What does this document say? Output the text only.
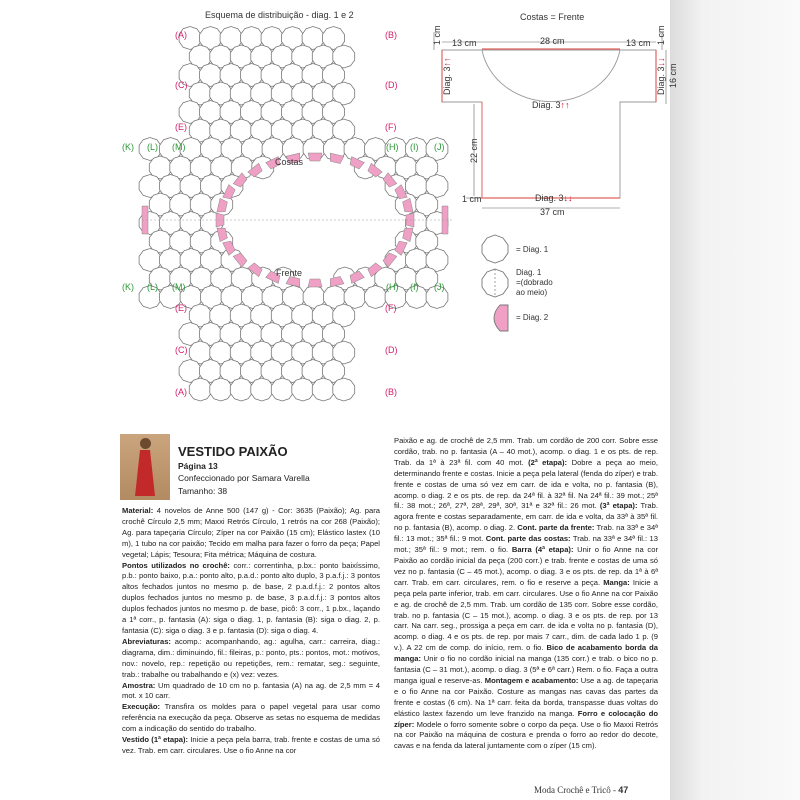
Esquema de distribuição - diag. 1 e 2
Costas
Frente
(A)	(B)
(C)	(D)
(E)	(F)
(K) (L) (M)	(H) (I) (J)
(K) (L) (M)	(H) (I) (J)
(E)	(F)
(C)	(D)
(A)	(B)
Costas = Frente
13 cm	28 cm	13 cm
1 cm	1 cm
16 cm
22 cm
37 cm
1 cm
Diag. 3↑↑
Diag. 3↓↓
Diag. 3↑↑
Diag. 3↓↓
= Diag. 1
Diag. 1
=(dobrado
ao meio)
= Diag. 2
VESTIDO PAIXÃO
Página 13
Confeccionado por Samara Varella
Tamanho: 38

Material: 4 novelos de Anne 500 (147 g) - Cor: 3635 (Paixão); Ag. para crochê Círculo 2,5 mm; Maxxi Retrós Círculo, 1 retrós na cor 268 (Paixão); Ag. para tapeçaria Círculo; Zíper na cor Paixão (15 cm); Elástico lastex (10 m), 1 tubo na cor paixão; Tecido em malha para fazer o forro da peça; Papel vegetal; Lápis; Tesoura; Fita métrica; Máquina de costura.

Pontos utilizados no crochê: corr.: correntinha, p.bx.: ponto baixíssimo, p.b.: ponto baixo, p.a.: ponto alto, p.a.d.: ponto alto duplo, 3 p.a.f.j.: 3 pontos altos fechados juntos no mesmo p. de base, 2 p.a.d.f.j.: 2 pontos altos duplos fechados juntos no mesmo p. de base, 3 p.a.d.f.j.: 3 pontos altos duplos fechados juntos no mesmo p. de base, picô: 3 corr., 1 p.bx., laçando a 1ª corr., p. fantasia (A): siga o diag. 1, p. fantasia (B): siga o diag. 2, p. fantasia (C): siga o diag. 3 e p. fantasia (D): siga o diag. 4.

Abreviaturas: acomp.: acompanhando, ag.: agulha, carr.: carreira, diag.: diagrama, dim.: diminuindo, fil.: fileiras, p.: ponto, pts.: pontos, mot.: motivos, nov.: novelo, rep.: repetição ou repetições, rem.: rematar, seg.: seguinte, trab.: trabalhe ou trabalhando e (x) vez: vezes.

Amostra: Um quadrado de 10 cm no p. fantasia (A) na ag. de 2,5 mm = 4 mot. x 10 carr.

Execução: Transfira os moldes para o papel vegetal para usar como referência na execução da peça. Observe as setas no esquema de medidas com a indicação do sentido do trabalho.

Vestido (1ª etapa): Inicie a peça pela barra, trab. frente e costas de uma só vez. Trab. em carr. circulares. Use o fio Anne na cor

Paixão e ag. de crochê de 2,5 mm. Trab. um cordão de 200 corr. Sobre esse cordão, trab. no p. fantasia (A – 40 mot.), acomp. o diag. 1 e os pts. de rep. Trab. da 1ª à 23ª fil. com 40 mot. (2ª etapa): Dobre a peça ao meio, determinando frente e costas. Inicie a peça pela lateral (fenda do zíper) e trab. frente e costas de uma só vez em carr. de ida e volta, no p. fantasia (B), acomp. o diag. 2 e os pts. de rep. da 24ª fil. à 32ª fil. Na 24ª fil.: 39 mot.; 25ª fil.: 38 mot.; 26ª, 27ª, 28ª, 29ª, 30ª, 31ª e 32ª fil.: 26 mot. (3ª etapa): Trab. agora frente e costas separadamente, em carr. de ida e volta, da 33ª à 35ª fil. no p. fantasia (B), acomp. o diag. 2. Cont. parte da frente: Trab. na 33ª e 34ª fil.: 13 mot.; 35ª fil.: 9 mot. Cont. parte das costas: Trab. na 33ª e 34ª fil.: 13 mot.; 35ª fil.: 9 mot.; rem. o fio. Barra (4ª etapa): Unir o fio Anne na cor Paixão ao cordão inicial da peça (200 corr.) e trab. frente e costas de uma só vez no p. fantasia (C – 45 mot.), acomp. o diag. 3 e os pts. de rep. da 1ª à 6ª carr. Trab. em carr. circulares, rem. o fio e reserve a peça. Manga: Inicie a peça pela parte inferior, trab. em carr. circulares. Use o fio Anne na cor Paixão e ag. de crochê de 2,5 mm. Trab. um cordão de 135 corr. Sobre esse cordão, trab. no p. fantasia (C – 15 mot.), acomp. o diag. 3 e os pts. de rep. por 13 carr. Na carr. seg., prossiga a peça em carr. de ida e volta no p. fantasia (D), acomp. o diag. 4 e os pts. de rep. por mais 7 carr., dim. de cada lado 1 p. (9 v.). A 22 cm de comp. do início, rem. o fio. Bico de acabamento borda da manga: Unir o fio no cordão inicial na manga (135 corr.) e trab. o bico no p. fantasia (C – 31 mot.), acomp. o diag. 3 (5ª e 6ª carr.) Rem. o fio. Faça a outra manga igual e reserve-as. Montagem e acabamento: Use a ag. de tapeçaria e o fio Anne na cor Paixão. Costure as mangas nas cavas das partes da frente e costas (6 cm). Na 1ª carr. feita da borda, transpasse duas voltas do elástico lastex fazendo um leve franzido na manga. Forro e colocação do zíper: Modele o forro somente sobre o corpo da peça. Use o fio Maxxi Retrós na cor Paixão na máquina de costura e prenda o forro ao redor do decote, cavas e na fenda da lateral juntamente com o zíper (15 cm).

Moda Crochê e Tricô - 47
